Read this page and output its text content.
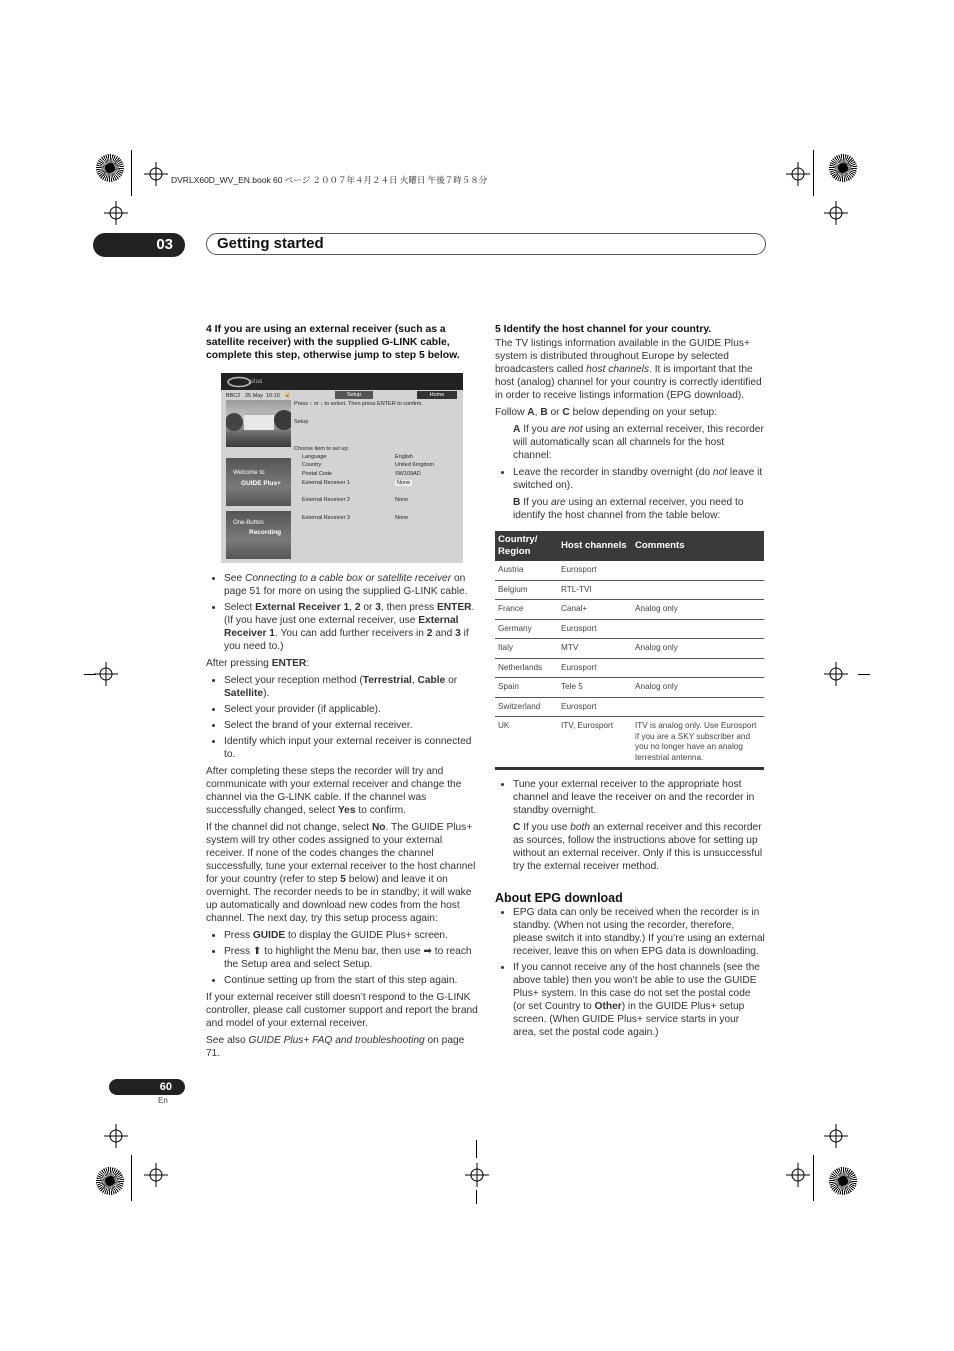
DVRLX60D_WV_EN.book 60 ページ ２００７年４月２４日 火曜日 午後７時５８分
03	Getting started
4 If you are using an external receiver (such as a satellite receiver) with the supplied G-LINK cable, complete this step, otherwise jump to step 5 below.
plus
BBC2 25 May 10:10 🔒	Setup	Home
Press ↑ or ↓ to select. Then press ENTER to confirm.
Setup
Choose item to set up:
Language	English
Country	United Kingdom
Postal Code	SW109AD
External Receiver 1	None
External Receiver 2	None
External Receiver 3	None
Welcome to
GUIDE Plus+
One-Button
Recording
• See Connecting to a cable box or satellite receiver on page 51 for more on using the supplied G-LINK cable.
• Select External Receiver 1, 2 or 3, then press ENTER. (If you have just one external receiver, use External Receiver 1. You can add further receivers in 2 and 3 if you need to.)

After pressing ENTER:

• Select your reception method (Terrestrial, Cable or Satellite).
• Select your provider (if applicable).
• Select the brand of your external receiver.
• Identify which input your external receiver is connected to.

After completing these steps the recorder will try and communicate with your external receiver and change the channel via the G-LINK cable. If the channel was successfully changed, select Yes to confirm.

If the channel did not change, select No. The GUIDE Plus+ system will try other codes assigned to your external receiver. If none of the codes changes the channel successfully, tune your external receiver to the host channel for your country (refer to step 5 below) and leave it on overnight. The recorder needs to be in standby; it will wake up automatically and download new codes from the host channel. The next day, try this setup process again:

• Press GUIDE to display the GUIDE Plus+ screen.
• Press ⬆ to highlight the Menu bar, then use ➡ to reach the Setup area and select Setup.
• Continue setting up from the start of this step again.

If your external receiver still doesn’t respond to the G-LINK controller, please call customer support and report the brand and model of your external receiver.

See also GUIDE Plus+ FAQ and troubleshooting on page 71.

5 Identify the host channel for your country.

The TV listings information available in the GUIDE Plus+ system is distributed throughout Europe by selected broadcasters called host channels. It is important that the host (analog) channel for your country is correctly identified in order to receive listings information (EPG download).

Follow A, B or C below depending on your setup:

A If you are not using an external receiver, this recorder will automatically scan all channels for the host channel:

• Leave the recorder in standby overnight (do not leave it switched on).

B If you are using an external receiver, you need to identify the host channel from the table below:

Country/ Region	Host channels	Comments
Austria	Eurosport	
Belgium	RTL-TVI	
France	Canal+	Analog only
Germany	Eurosport	
Italy	MTV	Analog only
Netherlands	Eurosport	
Spain	Tele 5	Analog only
Switzerland	Eurosport	
UK	ITV, Eurosport	ITV is analog only. Use Eurosport if you are a SKY subscriber and you no longer have an analog terrestrial antenna.
• Tune your external receiver to the appropriate host channel and leave the receiver on and the recorder in standby overnight.

C If you use both an external receiver and this recorder as sources, follow the instructions above for setting up without an external receiver. Only if this is unsuccessful try the external receiver method.

About EPG download
• EPG data can only be received when the recorder is in standby. (When not using the recorder, therefore, please switch it into standby.) If you’re using an external receiver, leave this on when EPG data is downloading.
• If you cannot receive any of the host channels (see the above table) then you won’t be able to use the GUIDE Plus+ system. In this case do not set the postal code (or set Country to Other) in the GUIDE Plus+ setup screen. (When GUIDE Plus+ service starts in your area, set the postal code again.)
60
En
